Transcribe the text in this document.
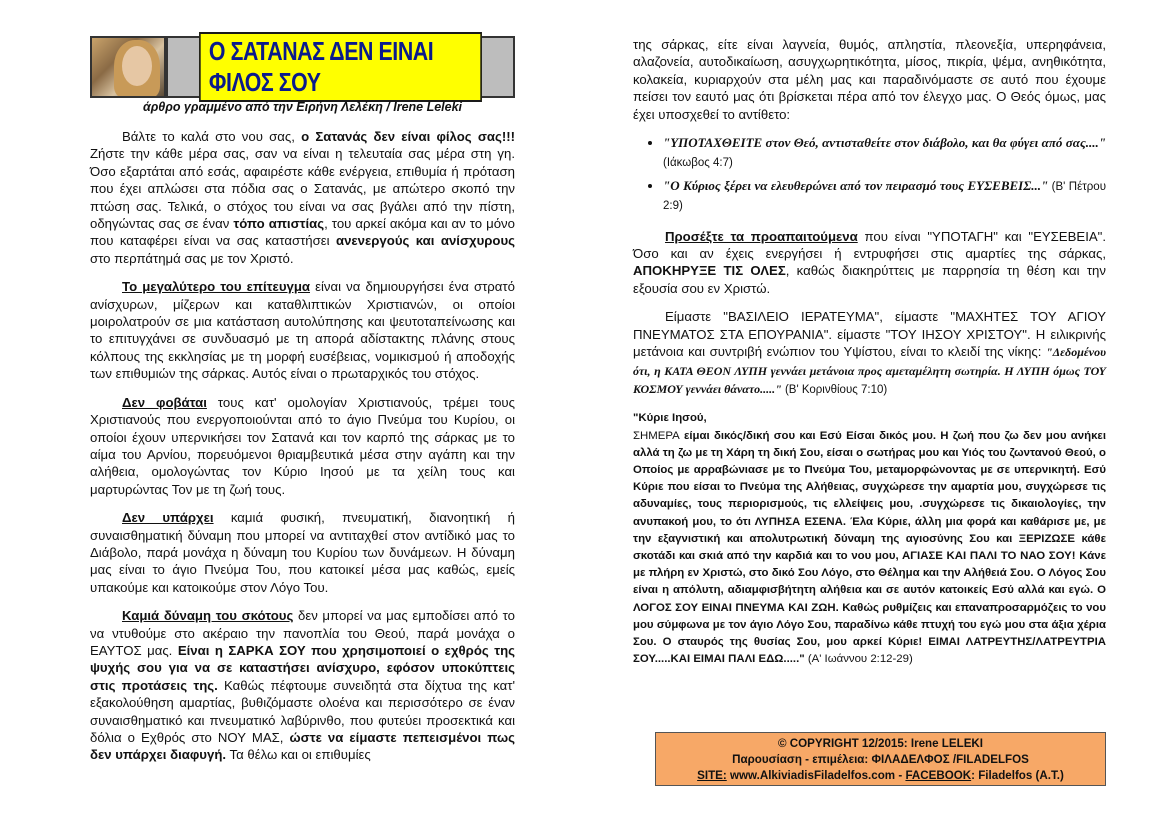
Ο ΣΑΤΑΝΑΣ ΔΕΝ ΕΙΝΑΙ ΦΙΛΟΣ ΣΟΥ
άρθρο γραμμένο από την Ειρήνη Λελέκη / Irene Leleki

Βάλτε το καλά στο νου σας, ο Σατανάς δεν είναι φίλος σας!!! Ζήστε την κάθε μέρα σας, σαν να είναι η τελευταία σας μέρα στη γη. Όσο εξαρτάται από εσάς, αφαιρέστε κάθε ενέργεια, επιθυμία ή πρόταση που έχει απλώσει στα πόδια σας ο Σατανάς, με απώτερο σκοπό την πτώση σας. Τελικά, ο στόχος του είναι να σας βγάλει από την πίστη, οδηγώντας σας σε έναν τόπο απιστίας, του αρκεί ακόμα και αν το μόνο που καταφέρει είναι να σας καταστήσει ανενεργούς και ανίσχυρους στο περπάτημά σας με τον Χριστό.

Το μεγαλύτερο του επίτευγμα είναι να δημιουργήσει ένα στρατό ανίσχυρων, μίζερων και καταθλιπτικών Χριστιανών, οι οποίοι μοιρολατρούν σε μια κατάσταση αυτολύπησης και ψευτοταπείνωσης και το επιτυγχάνει σε συνδυασμό με τη απορά αδίστακτης πλάνης στους κόλπους της εκκλησίας με τη μορφή ευσέβειας, νομικισμού ή αποδοχής των επιθυμιών της σάρκας. Αυτός είναι ο πρωταρχικός του στόχος.

Δεν φοβάται τους κατ' ομολογίαν Χριστιανούς, τρέμει τους Χριστιανούς που ενεργοποιούνται από το άγιο Πνεύμα του Κυρίου, οι οποίοι έχουν υπερνικήσει τον Σατανά και τον καρπό της σάρκας με το αίμα του Αρνίου, πορευόμενοι θριαμβευτικά μέσα στην αγάπη και την αλήθεια, ομολογώντας τον Κύριο Ιησού με τα χείλη τους και μαρτυρώντας Τον με τη ζωή τους.

Δεν υπάρχει καμιά φυσική, πνευματική, διανοητική ή συναισθηματική δύναμη που μπορεί να αντιταχθεί στον αντίδικό μας το Διάβολο, παρά μονάχα η δύναμη του Κυρίου των δυνάμεων. Η δύναμη μας είναι το άγιο Πνεύμα Του, που κατοικεί μέσα μας καθώς, εμείς υπακούμε και κατοικούμε στον Λόγο Του.

Καμιά δύναμη του σκότους δεν μπορεί να μας εμποδίσει από το να ντυθούμε στο ακέραιο την πανοπλία του Θεού, παρά μονάχα ο ΕΑΥΤΟΣ μας. Είναι η ΣΑΡΚΑ ΣΟΥ που χρησιμοποιεί ο εχθρός της ψυχής σου για να σε καταστήσει ανίσχυρο, εφόσον υποκύπτεις στις προτάσεις της. Καθώς πέφτουμε συνειδητά στα δίχτυα της κατ' εξακολούθηση αμαρτίας, βυθιζόμαστε ολοένα και περισσότερο σε έναν συναισθηματικό και πνευματικό λαβύρινθο, που φυτεύει προσεκτικά και δόλια ο Εχθρός στο ΝΟΥ ΜΑΣ, ώστε να είμαστε πεπεισμένοι πως δεν υπάρχει διαφυγή. Τα θέλω και οι επιθυμίες

της σάρκας, είτε είναι λαγνεία, θυμός, απληστία, πλεονεξία, υπερηφάνεια, αλαζονεία, αυτοδικαίωση, ασυγχωρητικότητα, μίσος, πικρία, ψέμα, ανηθικότητα, κολακεία, κυριαρχούν στα μέλη μας και παραδινόμαστε σε αυτό που έχουμε πείσει τον εαυτό μας ότι βρίσκεται πέρα από τον έλεγχο μας. Ο Θεός όμως, μας έχει υποσχεθεί το αντίθετο:

• "ΥΠΟΤΑΧΘΕΙΤΕ στον Θεό, αντισταθείτε στον διάβολο, και θα φύγει από σας...." (Ιάκωβος 4:7)
• "Ο Κύριος ξέρει να ελευθερώνει από τον πειρασμό τους ΕΥΣΕΒΕΙΣ..." (Β' Πέτρου 2:9)

Προσέξτε τα προαπαιτούμενα που είναι "ΥΠΟΤΑΓΗ" και "ΕΥΣΕΒΕΙΑ". Όσο και αν έχεις ενεργήσει ή εντρυφήσει στις αμαρτίες της σάρκας, ΑΠΟΚΗΡΥΞΕ ΤΙΣ ΟΛΕΣ, καθώς διακηρύττεις με παρρησία τη θέση και την εξουσία σου εν Χριστώ.

Είμαστε "ΒΑΣΙΛΕΙΟ ΙΕΡΑΤΕΥΜΑ", είμαστε "ΜΑΧΗΤΕΣ ΤΟΥ ΑΓΙΟΥ ΠΝΕΥΜΑΤΟΣ ΣΤΑ ΕΠΟΥΡΑΝΙΑ". είμαστε "ΤΟΥ ΙΗΣΟΥ ΧΡΙΣΤΟΥ". Η ειλικρινής μετάνοια και συντριβή ενώπιον του Υψίστου, είναι το κλειδί της νίκης: "Δεδομένου ότι, η ΚΑΤΑ ΘΕΟΝ ΛΥΠΗ γεννάει μετάνοια προς αμεταμέλητη σωτηρία. Η ΛΥΠΗ όμως ΤΟΥ ΚΟΣΜΟΥ γεννάει θάνατο....." (Β' Κορινθίους 7:10)

"Κύριε Ιησού,
ΣΗΜΕΡΑ είμαι δικός/δική σου και Εσύ Είσαι δικός μου. Η ζωή που ζω δεν μου ανήκει αλλά τη ζω με τη Χάρη τη δική Σου, είσαι ο σωτήρας μου και Υιός του ζωντανού Θεού, ο Οποίος με αρραβώνιασε με το Πνεύμα Του, μεταμορφώνοντας με σε υπερνικητή. Εσύ Κύριε που είσαι το Πνεύμα της Αλήθειας, συγχώρεσε την αμαρτία μου, συγχώρεσε τις αδυναμίες, τους περιορισμούς, τις ελλείψεις μου, .συγχώρεσε τις δικαιολογίες, την ανυπακοή μου, το ότι ΛΥΠΗΣΑ ΕΣΕΝΑ. Έλα Κύριε, άλλη μια φορά και καθάρισε με, με την εξαγνιστική και απολυτρωτική δύναμη της αγιοσύνης Σου και ΞΕΡΙΖΩΣΕ κάθε σκοτάδι και σκιά από την καρδιά και το νου μου, ΑΓΙΑΣΕ ΚΑΙ ΠΑΛΙ ΤΟ ΝΑΟ ΣΟΥ! Κάνε με πλήρη εν Χριστώ, στο δικό Σου Λόγο, στο Θέλημα και την Αλήθειά Σου. Ο Λόγος Σου είναι η απόλυτη, αδιαμφισβήτητη αλήθεια και σε αυτόν κατοικείς Εσύ αλλά και εγώ. Ο ΛΟΓΟΣ ΣΟΥ ΕΙΝΑΙ ΠΝΕΥΜΑ ΚΑΙ ΖΩΗ. Καθώς ρυθμίζεις και επαναπροσαρμόζεις το νου μου σύμφωνα με τον άγιο Λόγο Σου, παραδίνω κάθε πτυχή του εγώ μου στα άξια χέρια Σου. Ο σταυρός της θυσίας Σου, μου αρκεί Κύριε! ΕΙΜΑΙ ΛΑΤΡΕΥΤΗΣ/ΛΑΤΡΕΥΤΡΙΑ ΣΟΥ.....ΚΑΙ ΕΙΜΑΙ ΠΑΛΙ ΕΔΩ....." (Α' Ιωάννου 2:12-29)

© COPYRIGHT 12/2015: Irene LELEKI
Παρουσίαση - επιμέλεια: ΦΙΛΑΔΕΛΦΟΣ /FILADELFOS
SITE: www.AlkiviadisFiladelfos.com - FACEBOOK: Filadelfos (A.T.)
